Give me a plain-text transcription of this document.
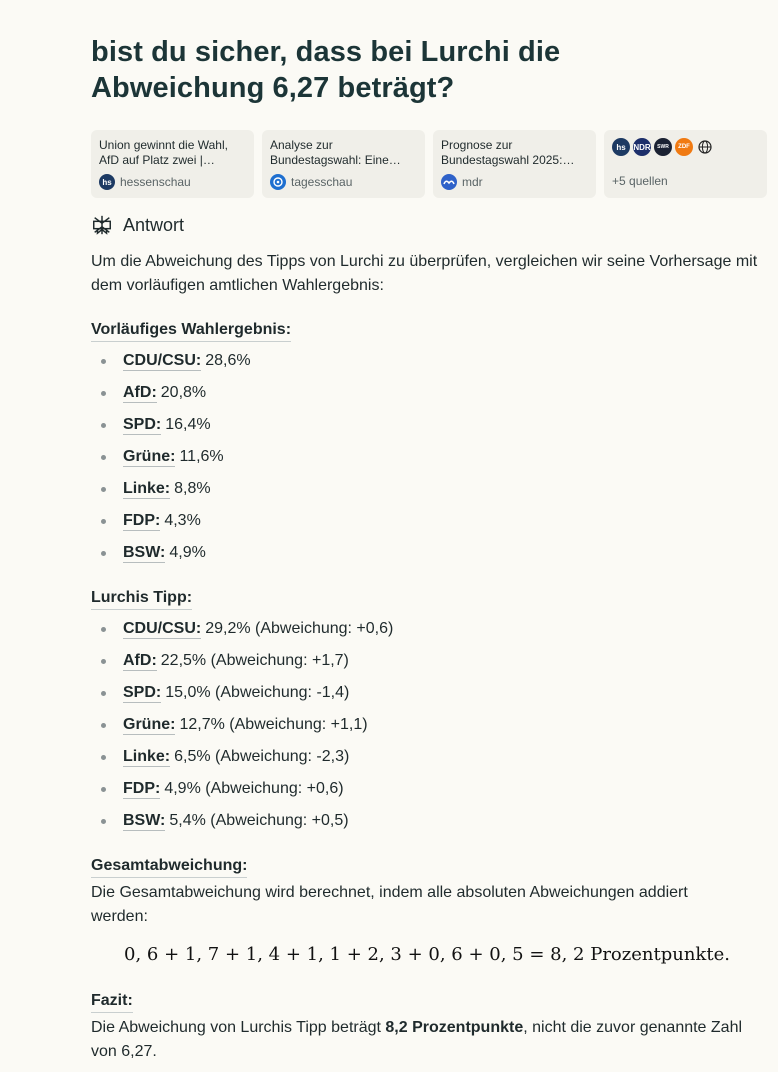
bist du sicher, dass bei Lurchi die Abweichung 6,27 beträgt?
Union gewinnt die Wahl, AfD auf Platz zwei |
hs hessenschau
Analyse zur Bundestagswahl: Eine
tagesschau
Prognose zur Bundestagswahl 2025:
mdr
hs NDR	SWR	ZDF
+5 quellen
Antwort
Um die Abweichung des Tipps von Lurchi zu überprüfen, vergleichen wir seine Vorhersage mit dem vorläufigen amtlichen Wahlergebnis:
Vorläufiges Wahlergebnis:
CDU/CSU: 28,6%
AfD: 20,8%
SPD: 16,4%
Grüne: 11,6%
Linke: 8,8%
FDP: 4,3%
BSW: 4,9%
Lurchis Tipp:
CDU/CSU: 29,2% (Abweichung: +0,6)
AfD: 22,5% (Abweichung: +1,7)
SPD: 15,0% (Abweichung: -1,4)
Grüne: 12,7% (Abweichung: +1,1)
Linke: 6,5% (Abweichung: -2,3)
FDP: 4,9% (Abweichung: +0,6)
BSW: 5,4% (Abweichung: +0,5)
Gesamtabweichung:
Die Gesamtabweichung wird berechnet, indem alle absoluten Abweichungen addiert werden:
0, 6 + 1, 7 + 1, 4 + 1, 1 + 2, 3 + 0, 6 + 0, 5 = 8, 2 Prozentpunkte.
Fazit:
Die Abweichung von Lurchis Tipp beträgt 8,2 Prozentpunkte, nicht die zuvor genannte Zahl von 6,27.
